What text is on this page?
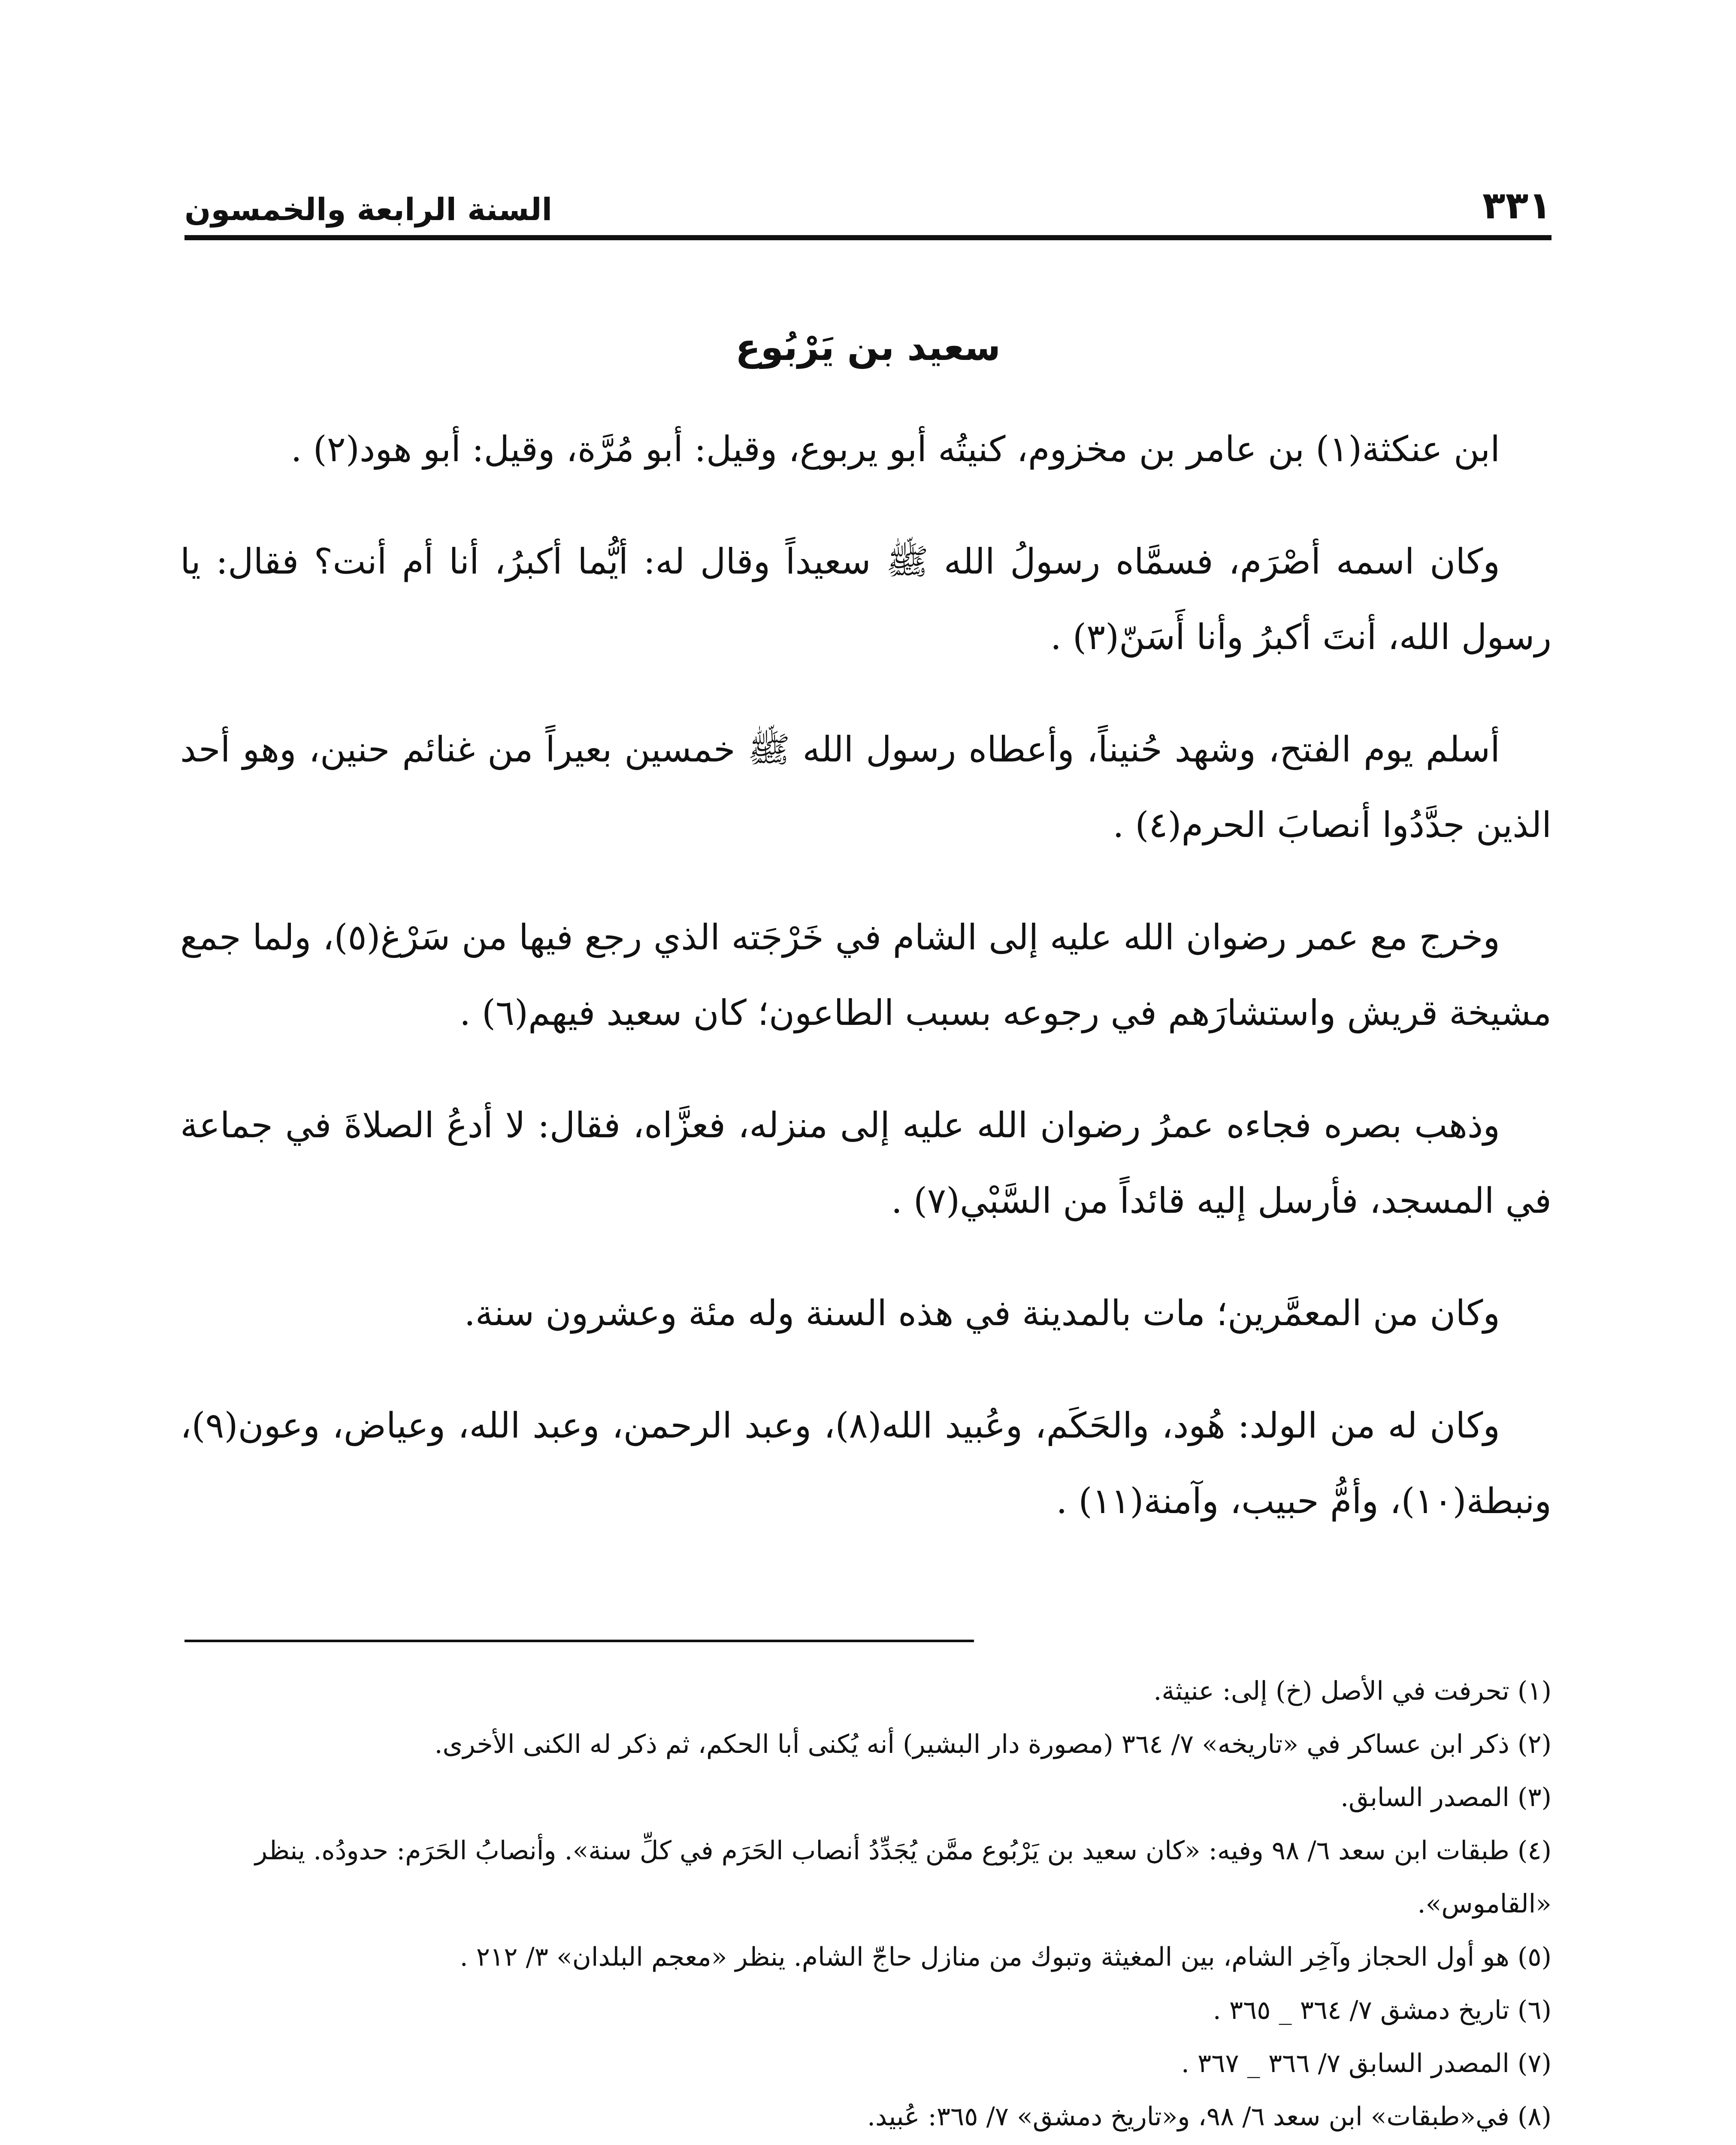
السنة الرابعة والخمسون	٣٣١
سعيد بن يَرْبُوع

ابن عنكثة(١) بن عامر بن مخزوم، كنيتُه أبو يربوع، وقيل: أبو مُرَّة، وقيل: أبو هود(٢) .

وكان اسمه أصْرَم، فسمَّاه رسولُ الله ﷺ سعيداً وقال له: أيُّما أكبرُ، أنا أم أنت؟ فقال: يا رسول الله، أنتَ أكبرُ وأنا أَسَنّ(٣) .

أسلم يوم الفتح، وشهد حُنيناً، وأعطاه رسول الله ﷺ خمسين بعيراً من غنائم حنين، وهو أحد الذين جدَّدُوا أنصابَ الحرم(٤) .

وخرج مع عمر رضوان الله عليه إلى الشام في خَرْجَته الذي رجع فيها من سَرْغ(٥)، ولما جمع مشيخة قريش واستشارَهم في رجوعه بسبب الطاعون؛ كان سعيد فيهم(٦) .

وذهب بصره فجاءه عمرُ رضوان الله عليه إلى منزله، فعزَّاه، فقال: لا أدعُ الصلاةَ في جماعة في المسجد، فأرسل إليه قائداً من السَّبْي(٧) .

وكان من المعمَّرين؛ مات بالمدينة في هذه السنة وله مئة وعشرون سنة.

وكان له من الولد: هُود، والحَكَم، وعُبيد الله(٨)، وعبد الرحمن، وعبد الله، وعياض، وعون(٩)، ونبطة(١٠)، وأمُّ حبيب، وآمنة(١١) .

(١) تحرفت في الأصل (خ) إلى: عنيثة.

(٢) ذكر ابن عساكر في «تاريخه» ٧/ ٣٦٤ (مصورة دار البشير) أنه يُكنى أبا الحكم، ثم ذكر له الكنى الأخرى.

(٣) المصدر السابق.

(٤) طبقات ابن سعد ٦/ ٩٨ وفيه: «كان سعيد بن يَرْبُوع ممَّن يُجَدِّدُ أنصاب الحَرَم في كلِّ سنة». وأنصابُ الحَرَم: حدودُه. ينظر «القاموس».

(٥) هو أول الحجاز وآخِر الشام، بين المغيثة وتبوك من منازل حاجّ الشام. ينظر «معجم البلدان» ٣/ ٢١٢ .

(٦) تاريخ دمشق ٧/ ٣٦٤ _ ٣٦٥ .

(٧) المصدر السابق ٧/ ٣٦٦ _ ٣٦٧ .

(٨) في«طبقات» ابن سعد ٦/ ٩٨، و«تاريخ دمشق» ٧/ ٣٦٥: عُبيد.
